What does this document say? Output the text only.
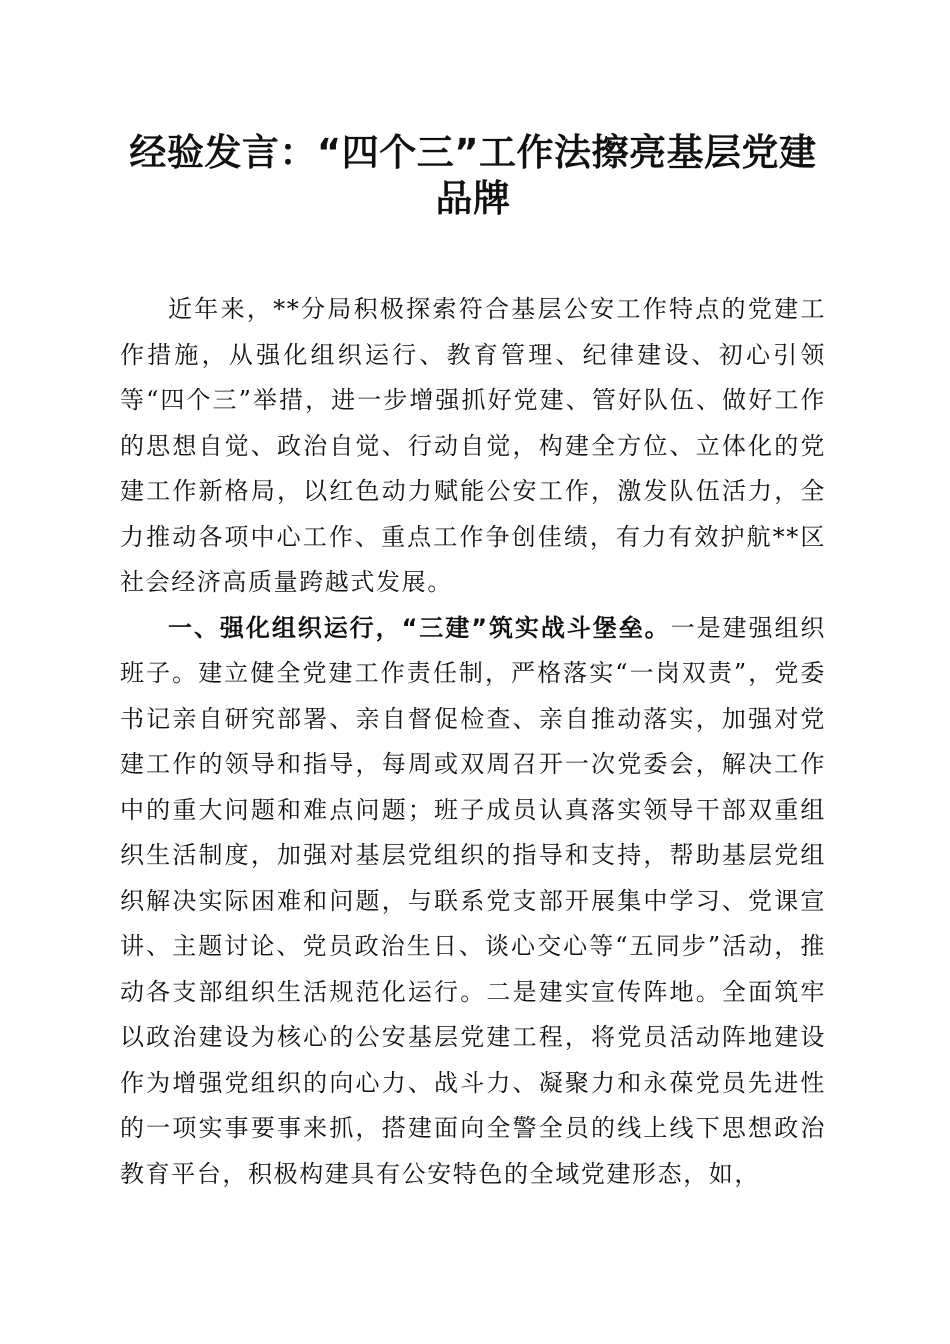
经验发言：“四个三”工作法擦亮基层党建品牌

近年来，**分局积极探索符合基层公安工作特点的党建工作措施，从强化组织运行、教育管理、纪律建设、初心引领等“四个三”举措，进一步增强抓好党建、管好队伍、做好工作的思想自觉、政治自觉、行动自觉，构建全方位、立体化的党建工作新格局，以红色动力赋能公安工作，激发队伍活力，全力推动各项中心工作、重点工作争创佳绩，有力有效护航**区社会经济高质量跨越式发展。

一、强化组织运行，“三建”筑实战斗堡垒。一是建强组织班子。建立健全党建工作责任制，严格落实“一岗双责”，党委书记亲自研究部署、亲自督促检查、亲自推动落实，加强对党建工作的领导和指导，每周或双周召开一次党委会，解决工作中的重大问题和难点问题；班子成员认真落实领导干部双重组织生活制度，加强对基层党组织的指导和支持，帮助基层党组织解决实际困难和问题，与联系党支部开展集中学习、党课宣讲、主题讨论、党员政治生日、谈心交心等“五同步”活动，推动各支部组织生活规范化运行。二是建实宣传阵地。全面筑牢以政治建设为核心的公安基层党建工程，将党员活动阵地建设作为增强党组织的向心力、战斗力、凝聚力和永葆党员先进性的一项实事要事来抓，搭建面向全警全员的线上线下思想政治教育平台，积极构建具有公安特色的全域党建形态，如，
